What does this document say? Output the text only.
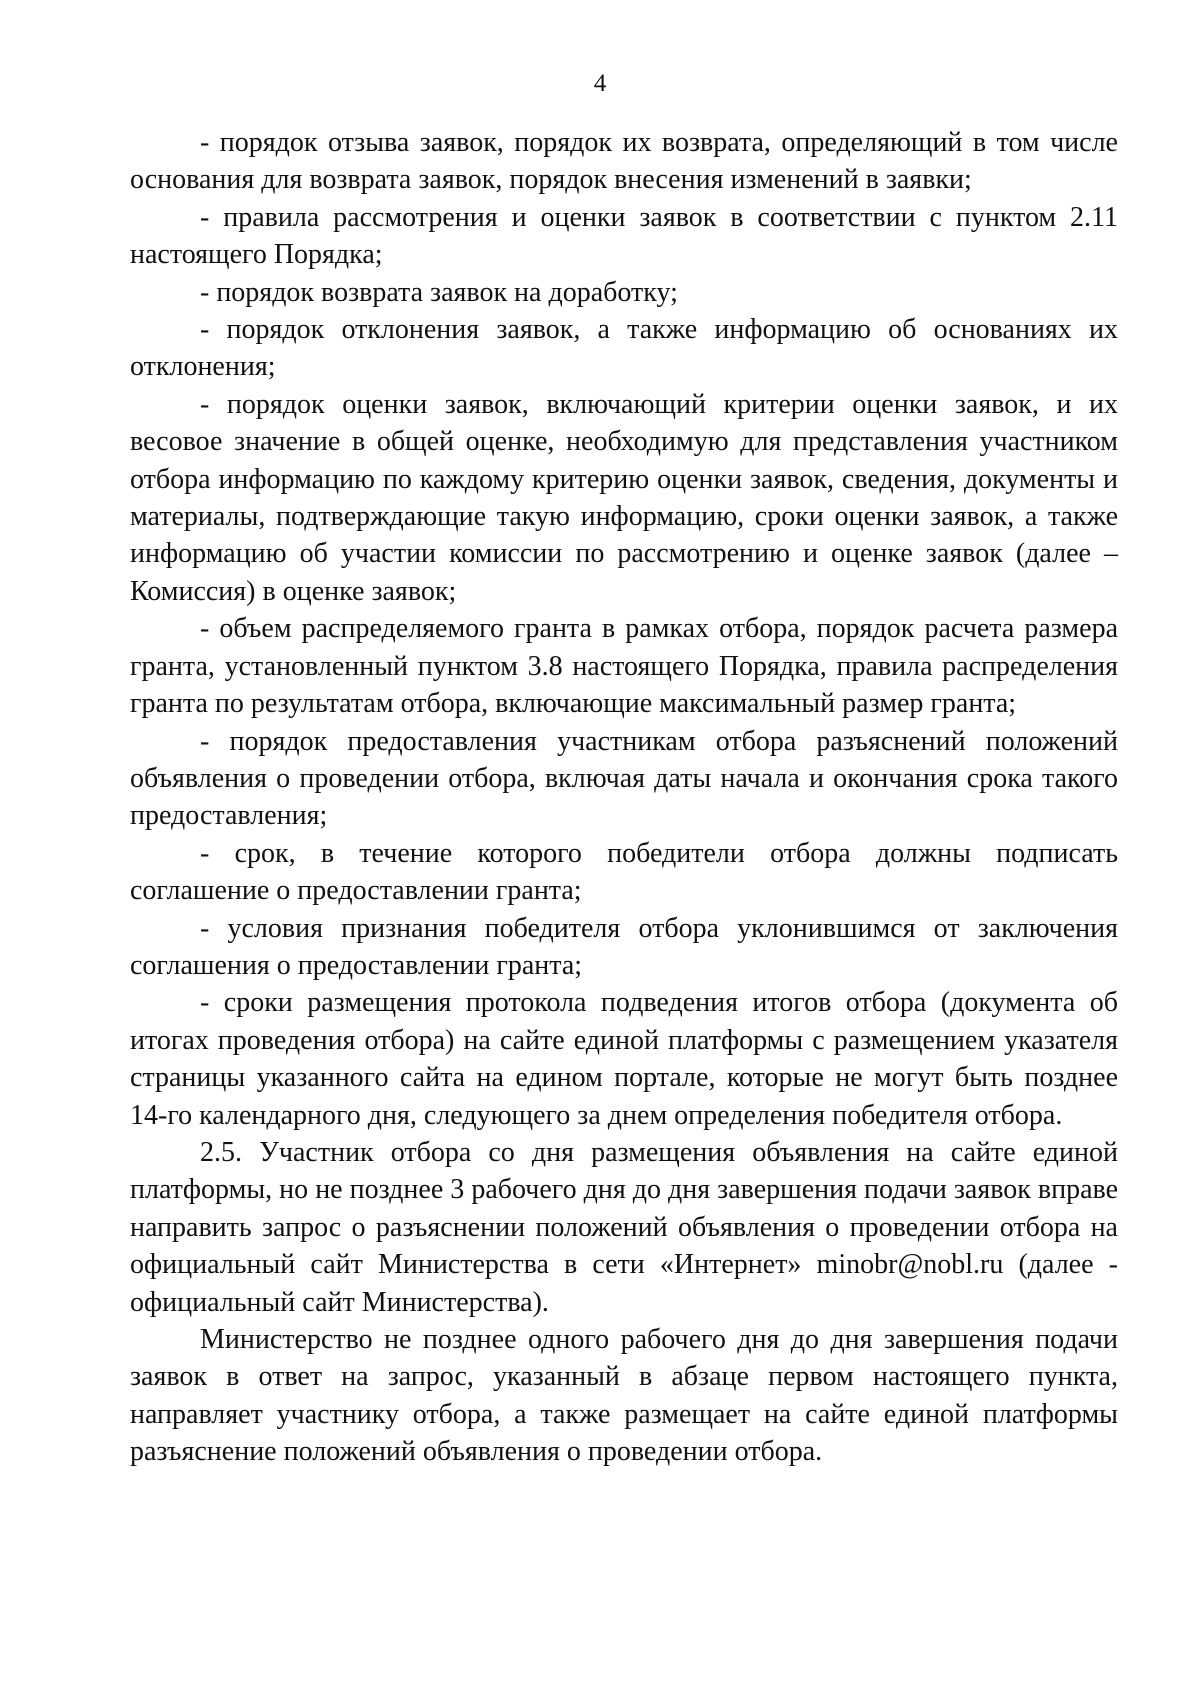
4

- порядок отзыва заявок, порядок их возврата, определяющий в том числе основания для возврата заявок, порядок внесения изменений в заявки;

- правила рассмотрения и оценки заявок в соответствии с пунктом 2.11 настоящего Порядка;

- порядок возврата заявок на доработку;

- порядок отклонения заявок, а также информацию об основаниях их отклонения;

- порядок оценки заявок, включающий критерии оценки заявок, и их весовое значение в общей оценке, необходимую для представления участником отбора информацию по каждому критерию оценки заявок, сведения, документы и материалы, подтверждающие такую информацию, сроки оценки заявок, а также информацию об участии комиссии по рассмотрению и оценке заявок (далее – Комиссия) в оценке заявок;

- объем распределяемого гранта в рамках отбора, порядок расчета размера гранта, установленный пунктом 3.8 настоящего Порядка, правила распределения гранта по результатам отбора, включающие максимальный размер гранта;

- порядок предоставления участникам отбора разъяснений положений объявления о проведении отбора, включая даты начала и окончания срока такого предоставления;

- срок, в течение которого победители отбора должны подписать соглашение о предоставлении гранта;

- условия признания победителя отбора уклонившимся от заключения соглашения о предоставлении гранта;

- сроки размещения протокола подведения итогов отбора (документа об итогах проведения отбора) на сайте единой платформы с размещением указателя страницы указанного сайта на едином портале, которые не могут быть позднее 14-го календарного дня, следующего за днем определения победителя отбора.

2.5. Участник отбора со дня размещения объявления на сайте единой платформы, но не позднее 3 рабочего дня до дня завершения подачи заявок вправе направить запрос о разъяснении положений объявления о проведении отбора на официальный сайт Министерства в сети «Интернет» minobr@nobl.ru (далее - официальный сайт Министерства).

Министерство не позднее одного рабочего дня до дня завершения подачи заявок в ответ на запрос, указанный в абзаце первом настоящего пункта, направляет участнику отбора, а также размещает на сайте единой платформы разъяснение положений объявления о проведении отбора.
